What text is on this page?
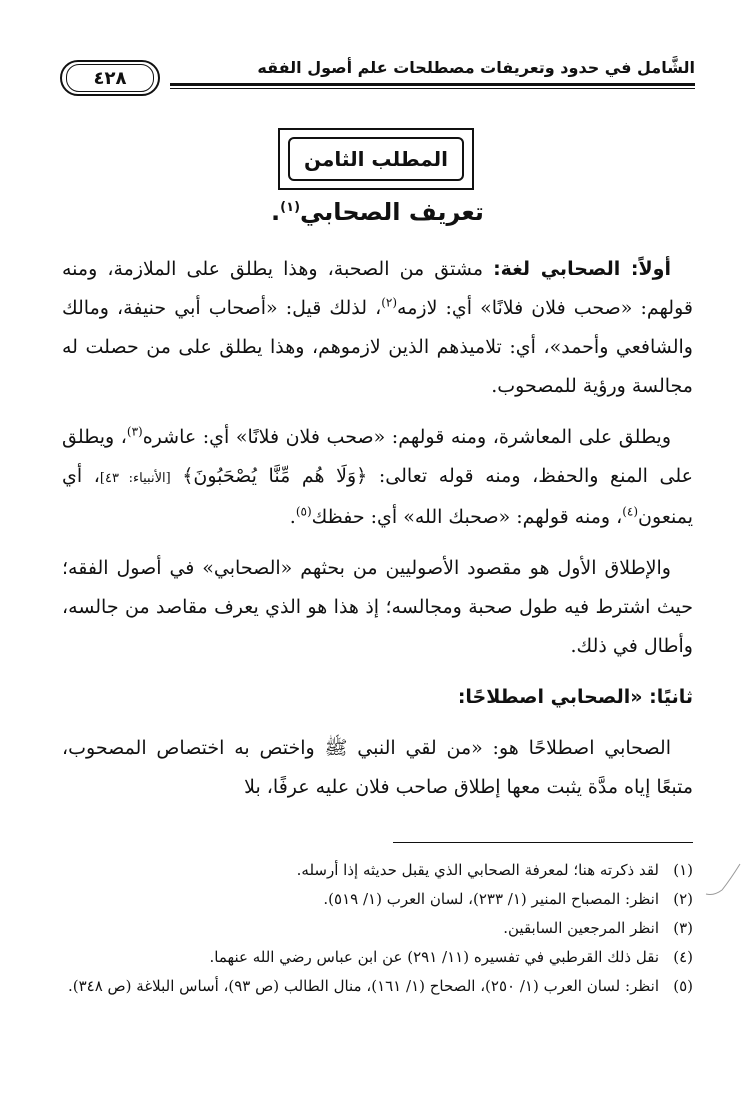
الشَّامل في حدود وتعريفات مصطلحات علم أصول الفقه
٤٢٨
المطلب الثامن
تعريف الصحابي$^{(١)}$.

أولاً: الصحابي لغة: مشتق من الصحبة، وهذا يطلق على الملازمة، ومنه قولهم: «صحب فلان فلانًا» أي: لازمه$^{(٢)}$، لذلك قيل: «أصحاب أبي حنيفة، ومالك والشافعي وأحمد»، أي: تلاميذهم الذين لازموهم، وهذا يطلق على من حصلت له مجالسة ورؤية للمصحوب.

ويطلق على المعاشرة، ومنه قولهم: «صحب فلان فلانًا» أي: عاشره$^{(٣)}$، ويطلق على المنع والحفظ، ومنه قوله تعالى: ﴿وَلَا هُم مِّنَّا يُصْحَبُونَ﴾ [الأنبياء: ٤٣]، أي يمنعون$^{(٤)}$، ومنه قولهم: «صحبك الله» أي: حفظك$^{(٥)}$.

والإطلاق الأول هو مقصود الأصوليين من بحثهم «الصحابي» في أصول الفقه؛ حيث اشترط فيه طول صحبة ومجالسه؛ إذ هذا هو الذي يعرف مقاصد من جالسه، وأطال في ذلك.

ثانيًا: «الصحابي اصطلاحًا:

الصحابي اصطلاحًا هو: «من لقي النبي ﷺ واختص به اختصاص المصحوب، متبعًا إياه مدَّة يثبت معها إطلاق صاحب فلان عليه عرفًا، بلا

(١)
لقد ذكرته هنا؛ لمعرفة الصحابي الذي يقبل حديثه إذا أرسله.
(٢)
انظر: المصباح المنير (١/ ٢٣٣)، لسان العرب (١/ ٥١٩).
(٣)
انظر المرجعين السابقين.
(٤)
نقل ذلك القرطبي في تفسيره (١١/ ٢٩١) عن ابن عباس رضي الله عنهما.
(٥)
انظر: لسان العرب (١/ ٢٥٠)، الصحاح (١/ ١٦١)، منال الطالب (ص ٩٣)، أساس البلاغة (ص ٣٤٨).
